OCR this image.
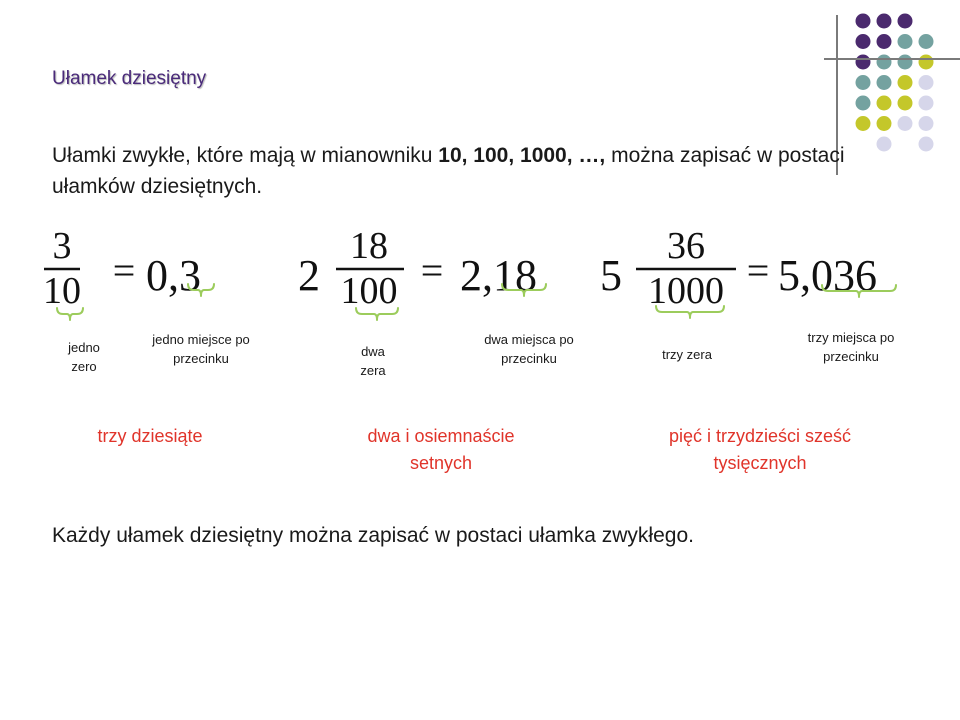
Ułamek dziesiętny
Ułamki zwykłe, które mają w mianowniku 10, 100, 1000, …, można zapisać w postaci ułamków dziesiętnych.
3
10 = 0,3 2
18
100 = 2,18 5
36
1000 = 5,036
jedno zero
jedno miejsce po przecinku	dwa zera
dwa miejsca po przecinku	trzy zera
trzy miejsca po przecinku
trzy dziesiąte	dwa i osiemnaście setnych
pięć i trzydzieści sześć tysięcznych
Każdy ułamek dziesiętny można zapisać w postaci ułamka zwykłego.
